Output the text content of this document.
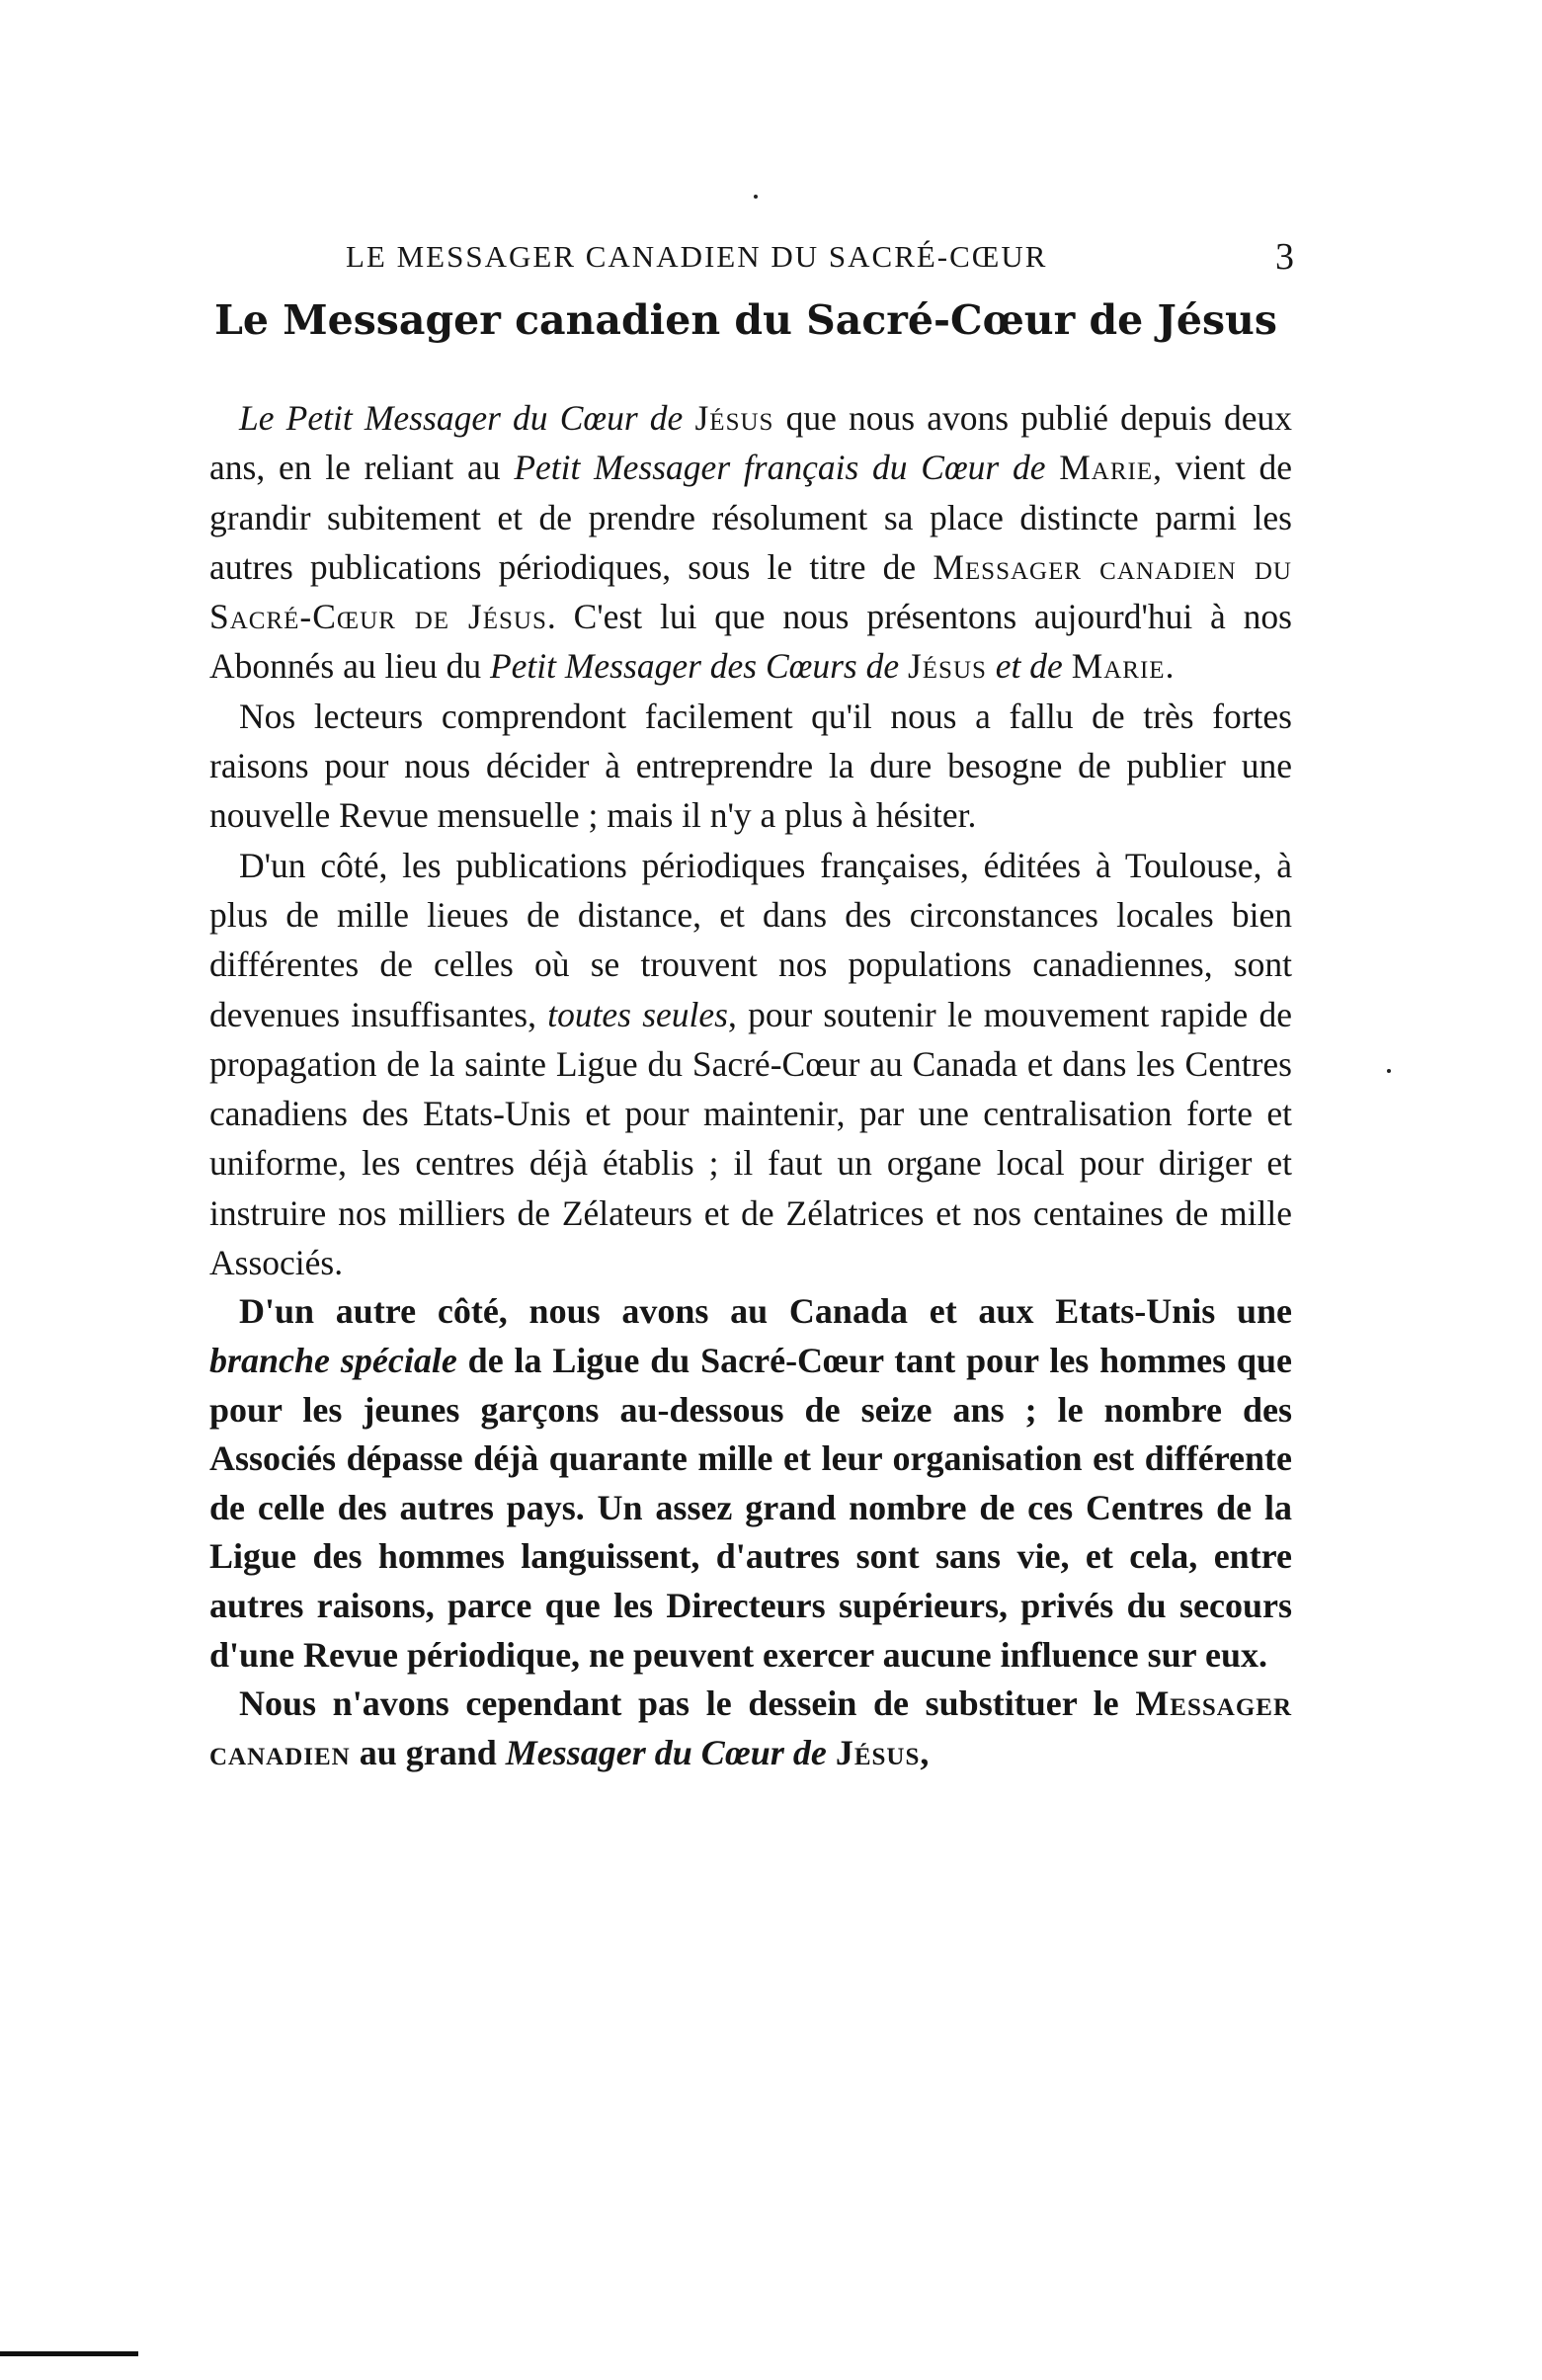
LE MESSAGER CANADIEN DU SACRÉ-CŒUR	3
Le Messager canadien du Sacré-Cœur de Jésus

Le Petit Messager du Cœur de Jésus que nous avons publié depuis deux ans, en le reliant au Petit Messager français du Cœur de Marie, vient de grandir subitement et de prendre résolument sa place distincte parmi les autres publications périodiques, sous le titre de Messager canadien du Sacré-Cœur de Jésus. C'est lui que nous présentons aujourd'hui à nos Abonnés au lieu du Petit Messager des Cœurs de Jésus et de Marie.

Nos lecteurs comprendont facilement qu'il nous a fallu de très fortes raisons pour nous décider à entreprendre la dure besogne de publier une nouvelle Revue mensuelle ; mais il n'y a plus à hésiter.

D'un côté, les publications périodiques françaises, éditées à Toulouse, à plus de mille lieues de distance, et dans des circonstances locales bien différentes de celles où se trouvent nos populations canadiennes, sont devenues insuffisantes, toutes seules, pour soutenir le mouvement rapide de propagation de la sainte Ligue du Sacré-Cœur au Canada et dans les Centres canadiens des Etats-Unis et pour maintenir, par une centralisation forte et uniforme, les centres déjà établis ; il faut un organe local pour diriger et instruire nos milliers de Zélateurs et de Zélatrices et nos centaines de mille Associés.

D'un autre côté, nous avons au Canada et aux Etats-Unis une branche spéciale de la Ligue du Sacré-Cœur tant pour les hommes que pour les jeunes garçons au-dessous de seize ans ; le nombre des Associés dépasse déjà quarante mille et leur organisation est différente de celle des autres pays. Un assez grand nombre de ces Centres de la Ligue des hommes languissent, d'autres sont sans vie, et cela, entre autres raisons, parce que les Directeurs supérieurs, privés du secours d'une Revue périodique, ne peuvent exercer aucune influence sur eux.

Nous n'avons cependant pas le dessein de substituer le Messager canadien au grand Messager du Cœur de Jésus,
